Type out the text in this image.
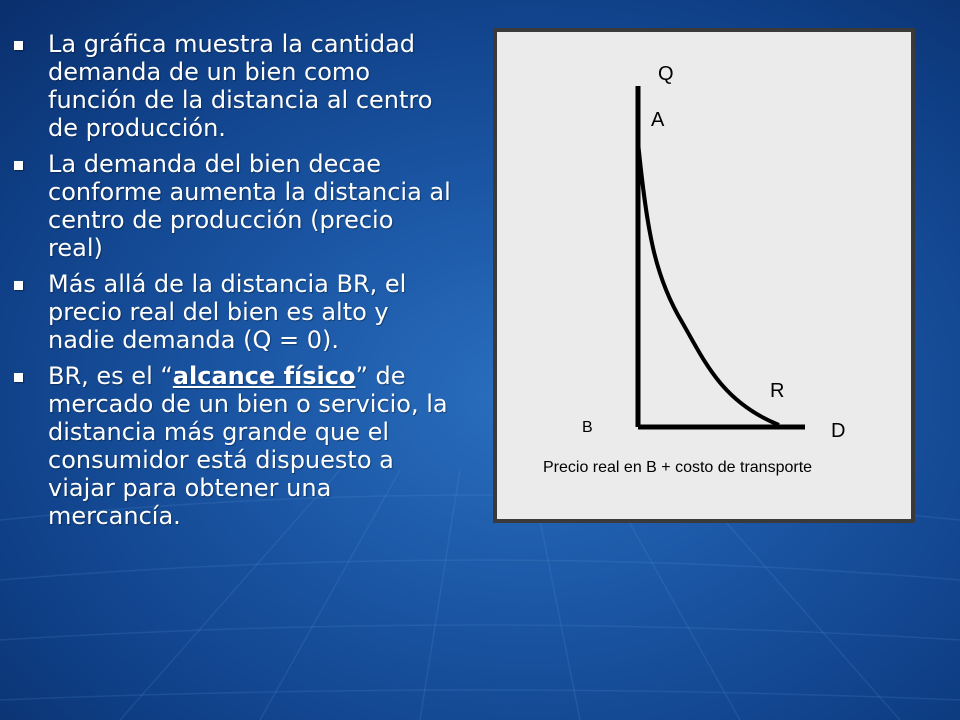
La gráfica muestra la cantidad demanda de un bien como función de la distancia al centro de producción.
La demanda del bien decae conforme aumenta la distancia al centro de producción (precio real)
Más allá de la distancia BR, el precio real del bien es alto y nadie demanda (Q = 0).
BR, es el “alcance físico” de mercado de un bien o servicio, la distancia más grande que el consumidor está dispuesto a viajar para obtener una mercancía.
Q
A
R
B	D
Precio real en B + costo de transporte
